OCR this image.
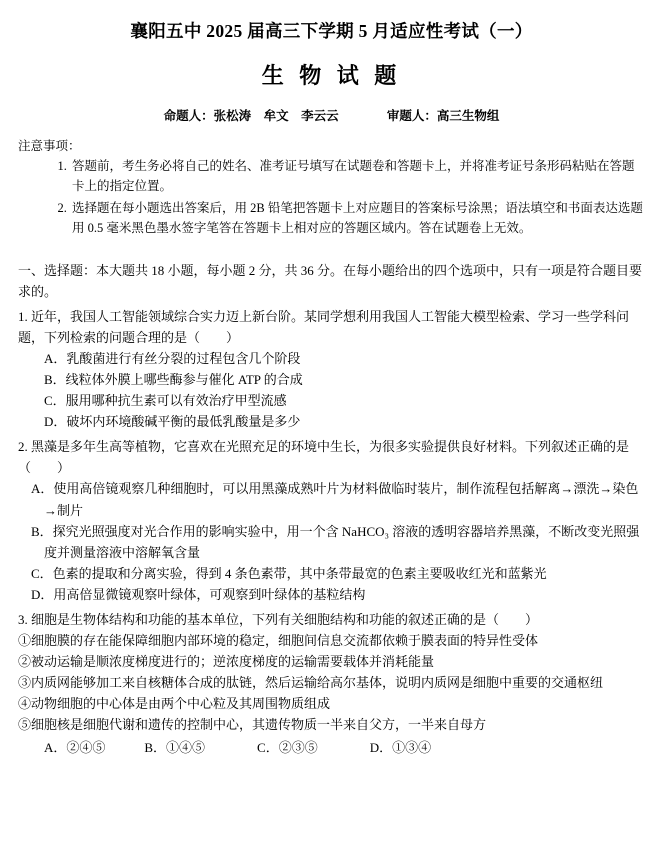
襄阳五中 2025 届高三下学期 5 月适应性考试（一）
生 物 试 题
命题人：张松涛　牟文　李云云	审题人：高三生物组
注意事项：
1. 答题前，考生务必将自己的姓名、准考证号填写在试题卷和答题卡上，并将准考证号条形码粘贴在答题卡上的指定位置。
2. 选择题在每小题选出答案后，用 2B 铅笔把答题卡上对应题目的答案标号涂黑；语法填空和书面表达选题用 0.5 毫米黑色墨水签字笔答在答题卡上相对应的答题区域内。答在试题卷上无效。
一、选择题：本大题共 18 小题，每小题 2 分，共 36 分。在每小题给出的四个选项中，只有一项是符合题目要求的。
1. 近年，我国人工智能领域综合实力迈上新台阶。某同学想利用我国人工智能大模型检索、学习一些学科问题，下列检索的问题合理的是（　　）
A．乳酸菌进行有丝分裂的过程包含几个阶段
B．线粒体外膜上哪些酶参与催化 ATP 的合成
C．服用哪种抗生素可以有效治疗甲型流感
D．破坏内环境酸碱平衡的最低乳酸量是多少
2. 黑藻是多年生高等植物，它喜欢在光照充足的环境中生长，为很多实验提供良好材料。下列叙述正确的是（　　）
A．使用高倍镜观察几种细胞时，可以用黑藻成熟叶片为材料做临时装片，制作流程包括解离→漂洗→染色→制片
B．探究光照强度对光合作用的影响实验中，用一个含 NaHCO₃ 溶液的透明容器培养黑藻，不断改变光照强度并测量溶液中溶解氧含量
C．色素的提取和分离实验，得到 4 条色素带，其中条带最宽的色素主要吸收红光和蓝紫光
D．用高倍显微镜观察叶绿体，可观察到叶绿体的基粒结构
3. 细胞是生物体结构和功能的基本单位，下列有关细胞结构和功能的叙述正确的是（　　）
①细胞膜的存在能保障细胞内部环境的稳定，细胞间信息交流都依赖于膜表面的特异性受体
②被动运输是顺浓度梯度进行的；逆浓度梯度的运输需要载体并消耗能量
③内质网能够加工来自核糖体合成的肽链，然后运输给高尔基体，说明内质网是细胞中重要的交通枢纽
④动物细胞的中心体是由两个中心粒及其周围物质组成
⑤细胞核是细胞代谢和遗传的控制中心，其遗传物质一半来自父方，一半来自母方
A．②④⑤　　　B．①④⑤　　　　C．②③⑤　　　　D．①③④
